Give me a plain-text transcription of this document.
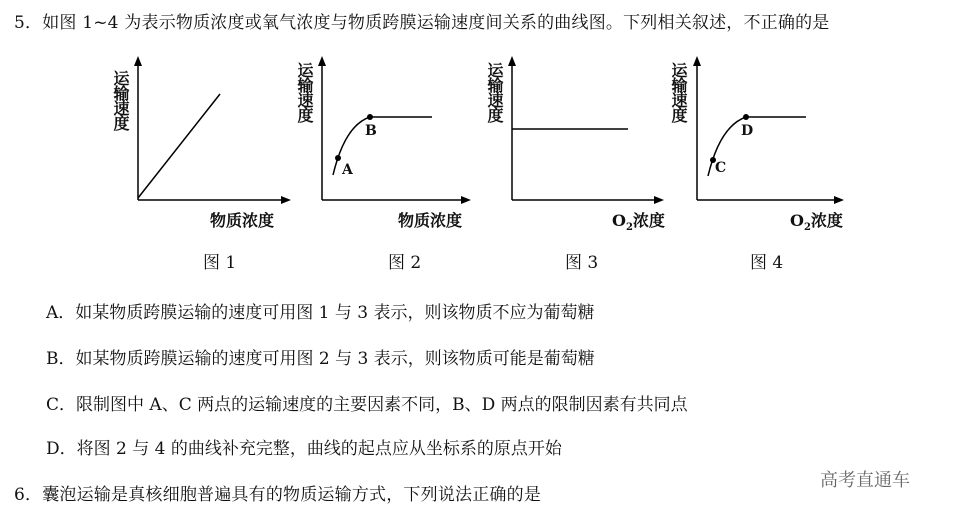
5．如图 1~4 为表示物质浓度或氧气浓度与物质跨膜运输速度间关系的曲线图。下列相关叙述，不正确的是
运输速度
物质浓度
图 1
运输速度
A
B
物质浓度
图 2
运输速度
$O_2$浓度
图 3
运输速度
C
D
$O_2$浓度
图 4
A．如某物质跨膜运输的速度可用图 1 与 3 表示，则该物质不应为葡萄糖
B．如某物质跨膜运输的速度可用图 2 与 3 表示，则该物质可能是葡萄糖
C．限制图中 A、C 两点的运输速度的主要因素不同，B、D 两点的限制因素有共同点
D．将图 2 与 4 的曲线补充完整，曲线的起点应从坐标系的原点开始
高考直通车
6．囊泡运输是真核细胞普遍具有的物质运输方式，下列说法正确的是
